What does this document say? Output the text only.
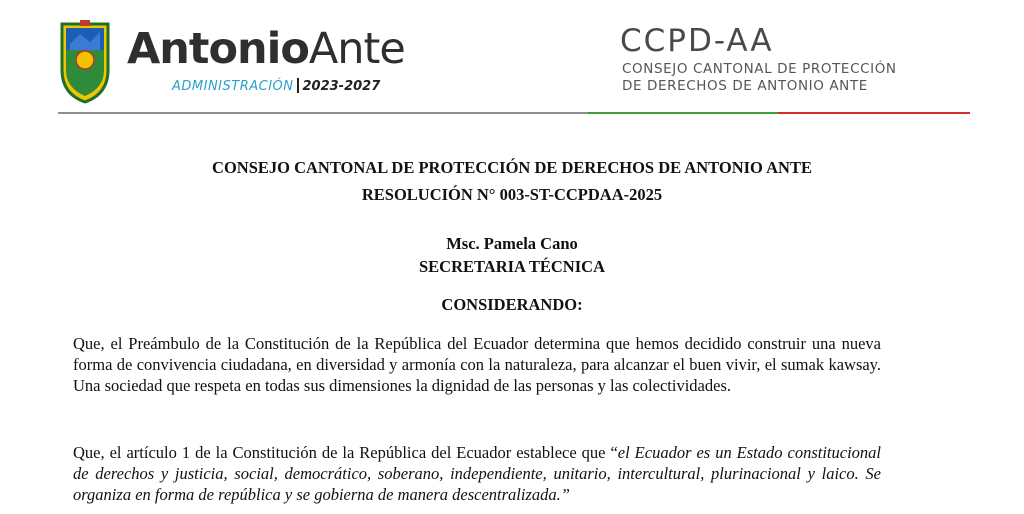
AntonioAnte
ADMINISTRACIÓN 2023-2027
CCPD-AA
CONSEJO CANTONAL DE PROTECCIÓN
DE DERECHOS DE ANTONIO ANTE
CONSEJO CANTONAL DE PROTECCIÓN DE DERECHOS DE ANTONIO ANTE
RESOLUCIÓN N° 003-ST-CCPDAA-2025
Msc. Pamela Cano
SECRETARIA TÉCNICA
CONSIDERANDO:
Que, el Preámbulo de la Constitución de la República del Ecuador determina que hemos decidido construir una nueva forma de convivencia ciudadana, en diversidad y armonía con la naturaleza, para alcanzar el buen vivir, el sumak kawsay. Una sociedad que respeta en todas sus dimensiones la dignidad de las personas y las colectividades.
Que, el artículo 1 de la Constitución de la República del Ecuador establece que “el Ecuador es un Estado constitucional de derechos y justicia, social, democrático, soberano, independiente, unitario, intercultural, plurinacional y laico. Se organiza en forma de república y se gobierna de manera descentralizada.”
